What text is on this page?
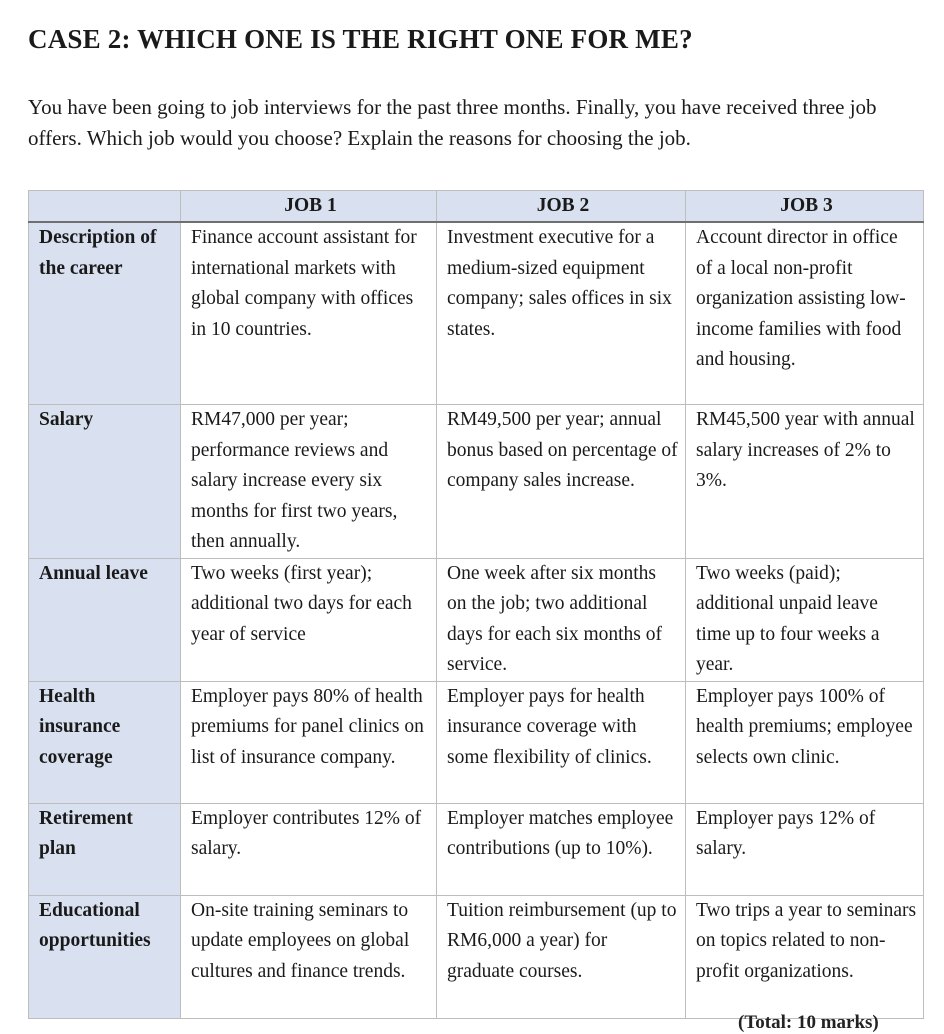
CASE 2: WHICH ONE IS THE RIGHT ONE FOR ME?

You have been going to job interviews for the past three months. Finally, you have received three job offers. Which job would you choose? Explain the reasons for choosing the job.

	JOB 1	JOB 2	JOB 3
Description of the career	Finance account assistant for international markets with global company with offices in 10 countries.	Investment executive for a medium-sized equipment company; sales offices in six states.	Account director in office of a local non-profit organization assisting low-income families with food and housing.
Salary	RM47,000 per year; performance reviews and salary increase every six months for first two years, then annually.	RM49,500 per year; annual bonus based on percentage of company sales increase.	RM45,500 year with annual salary increases of 2% to 3%.
Annual leave	Two weeks (first year); additional two days for each year of service	One week after six months on the job; two additional days for each six months of service.	Two weeks (paid); additional unpaid leave time up to four weeks a year.
Health insurance coverage	Employer pays 80% of health premiums for panel clinics on list of insurance company.	Employer pays for health insurance coverage with some flexibility of clinics.	Employer pays 100% of health premiums; employee selects own clinic.
Retirement plan	Employer contributes 12% of salary.	Employer matches employee contributions (up to 10%).	Employer pays 12% of salary.
Educational opportunities	On-site training seminars to update employees on global cultures and finance trends.	Tuition reimbursement (up to RM6,000 a year) for graduate courses.	Two trips a year to seminars on topics related to non-profit organizations.
(Total: 10 marks)
